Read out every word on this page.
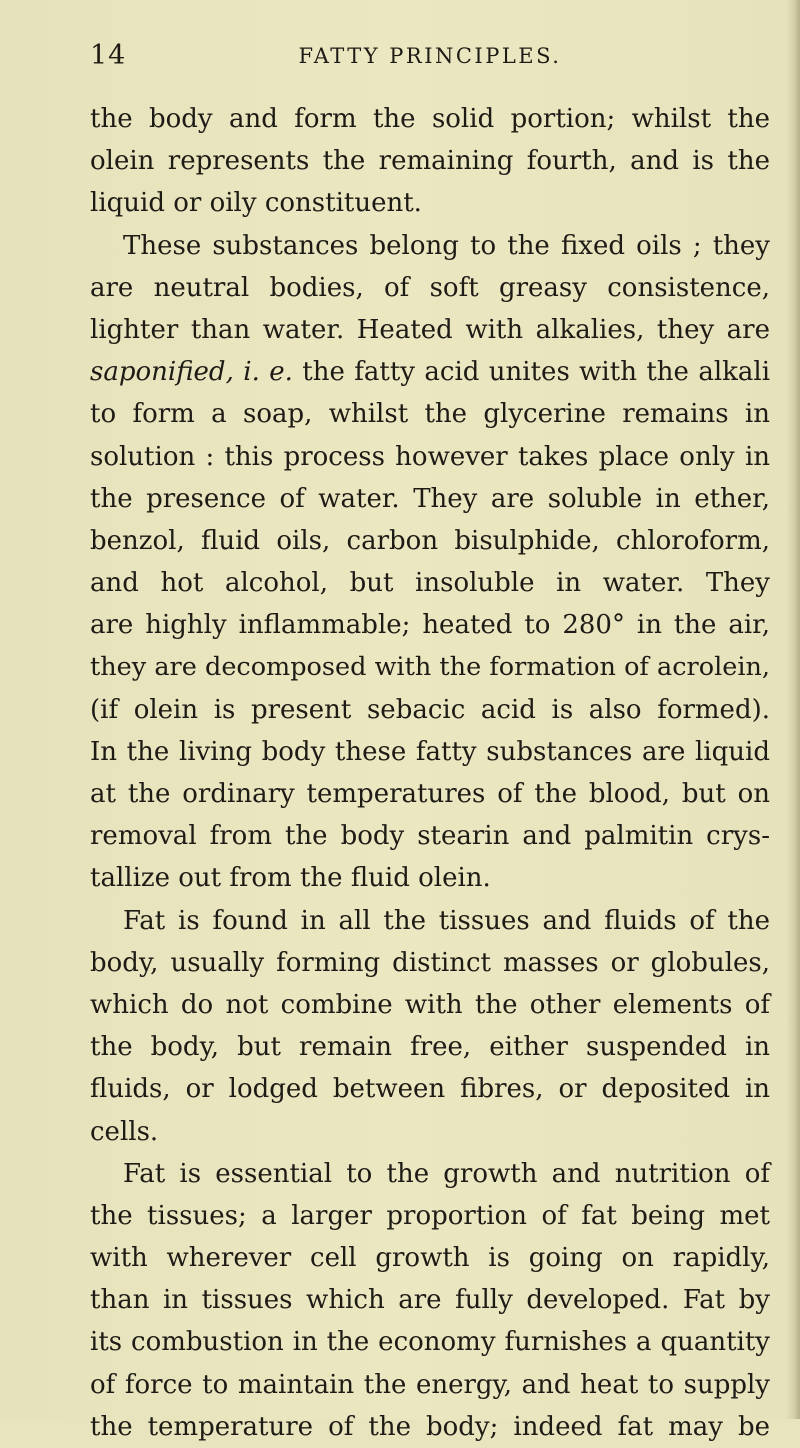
14	FATTY PRINCIPLES.
the body and form the solid portion; whilst the
olein represents the remaining fourth, and is the
liquid or oily constituent.
These substances belong to the fixed oils ; they
are neutral bodies, of soft greasy consistence,
lighter than water. Heated with alkalies, they are
saponified, i. e. the fatty acid unites with the alkali
to form a soap, whilst the glycerine remains in
solution : this process however takes place only in
the presence of water. They are soluble in ether,
benzol, fluid oils, carbon bisulphide, chloroform,
and hot alcohol, but insoluble in water. They
are highly inflammable; heated to 280° in the air,
they are decomposed with the formation of acrolein,
(if olein is present sebacic acid is also formed).
In the living body these fatty substances are liquid
at the ordinary temperatures of the blood, but on
removal from the body stearin and palmitin crys-
tallize out from the fluid olein.
Fat is found in all the tissues and fluids of the
body, usually forming distinct masses or globules,
which do not combine with the other elements of
the body, but remain free, either suspended in
fluids, or lodged between fibres, or deposited in
cells.
Fat is essential to the growth and nutrition of
the tissues; a larger proportion of fat being met
with wherever cell growth is going on rapidly,
than in tissues which are fully developed. Fat by
its combustion in the economy furnishes a quantity
of force to maintain the energy, and heat to supply
the temperature of the body; indeed fat may be
